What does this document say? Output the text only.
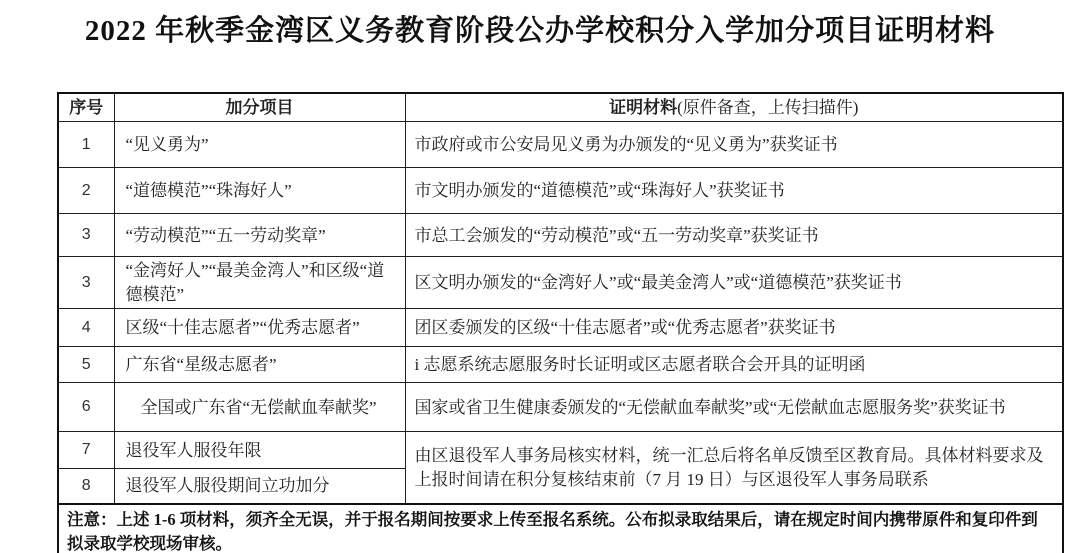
2022 年秋季金湾区义务教育阶段公办学校积分入学加分项目证明材料
序号	加分项目	证明材料(原件备查，上传扫描件)
1	“见义勇为”	市政府或市公安局见义勇为办颁发的“见义勇为”获奖证书
2	“道德模范”“珠海好人”	市文明办颁发的“道德模范”或“珠海好人”获奖证书
3	“劳动模范”“五一劳动奖章”	市总工会颁发的“劳动模范”或“五一劳动奖章”获奖证书
3	“金湾好人”“最美金湾人”和区级“道德模范”	区文明办颁发的“金湾好人”或“最美金湾人”或“道德模范”获奖证书
4	区级“十佳志愿者”“优秀志愿者”	团区委颁发的区级“十佳志愿者”或“优秀志愿者”获奖证书
5	广东省“星级志愿者”	i 志愿系统志愿服务时长证明或区志愿者联合会开具的证明函
6	全国或广东省“无偿献血奉献奖”	国家或省卫生健康委颁发的“无偿献血奉献奖”或“无偿献血志愿服务奖”获奖证书
7	退役军人服役年限	由区退役军人事务局核实材料，统一汇总后将名单反馈至区教育局。具体材料要求及上报时间请在积分复核结束前（7 月 19 日）与区退役军人事务局联系
8	退役军人服役期间立功加分	
注意：上述 1-6 项材料，须齐全无误，并于报名期间按要求上传至报名系统。公布拟录取结果后，请在规定时间内携带原件和复印件到拟录取学校现场审核。		
